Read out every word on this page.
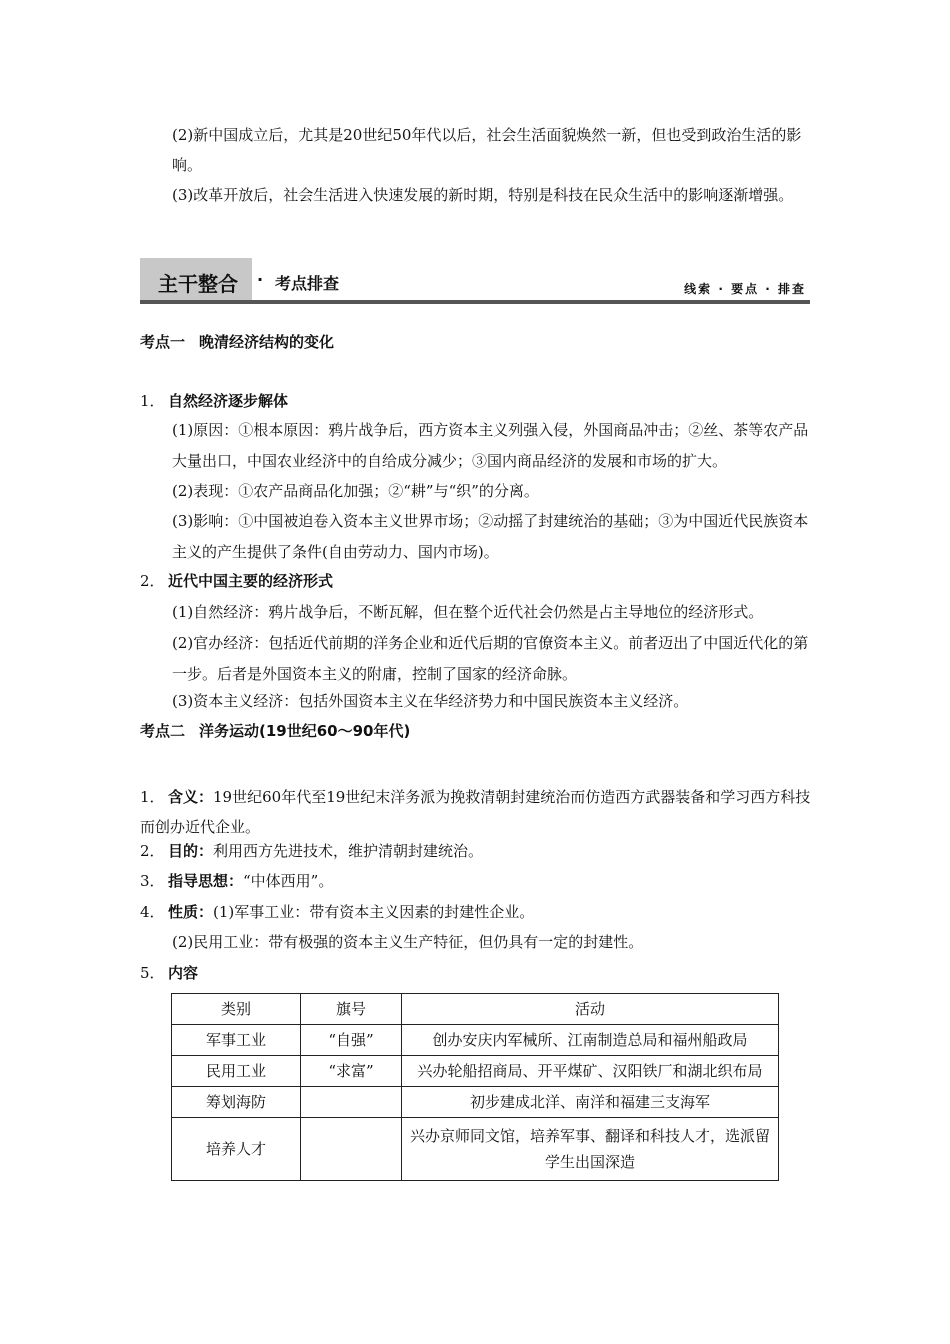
(2)新中国成立后，尤其是20世纪50年代以后，社会生活面貌焕然一新，但也受到政治生活的影响。

(3)改革开放后，社会生活进入快速发展的新时期，特别是科技在民众生活中的影响逐渐增强。

主干整合 · 考点排查	线索 · 要点 · 排查
考点一 晚清经济结构的变化
1． 自然经济逐步解体

(1)原因：①根本原因：鸦片战争后，西方资本主义列强入侵，外国商品冲击；②丝、茶等农产品大量出口，中国农业经济中的自给成分减少；③国内商品经济的发展和市场的扩大。

(2)表现：①农产品商品化加强；②“耕”与“织”的分离。

(3)影响：①中国被迫卷入资本主义世界市场；②动摇了封建统治的基础；③为中国近代民族资本主义的产生提供了条件(自由劳动力、国内市场)。

2． 近代中国主要的经济形式

(1)自然经济：鸦片战争后，不断瓦解，但在整个近代社会仍然是占主导地位的经济形式。

(2)官办经济：包括近代前期的洋务企业和近代后期的官僚资本主义。前者迈出了中国近代化的第一步。后者是外国资本主义的附庸，控制了国家的经济命脉。

(3)资本主义经济：包括外国资本主义在华经济势力和中国民族资本主义经济。

考点二 洋务运动(19世纪60～90年代)
1． 含义：19世纪60年代至19世纪末洋务派为挽救清朝封建统治而仿造西方武器装备和学习西方科技而创办近代企业。
2． 目的：利用西方先进技术，维护清朝封建统治。
3． 指导思想：“中体西用”。
4． 性质：(1)军事工业：带有资本主义因素的封建性企业。
(2)民用工业：带有极强的资本主义生产特征，但仍具有一定的封建性。
5． 内容
类别	旗号	活动
军事工业	“自强”	创办安庆内军械所、江南制造总局和福州船政局
民用工业	“求富”	兴办轮船招商局、开平煤矿、汉阳铁厂和湖北织布局
筹划海防		初步建成北洋、南洋和福建三支海军
培养人才		兴办京师同文馆，培养军事、翻译和科技人才，选派留学生出国深造
